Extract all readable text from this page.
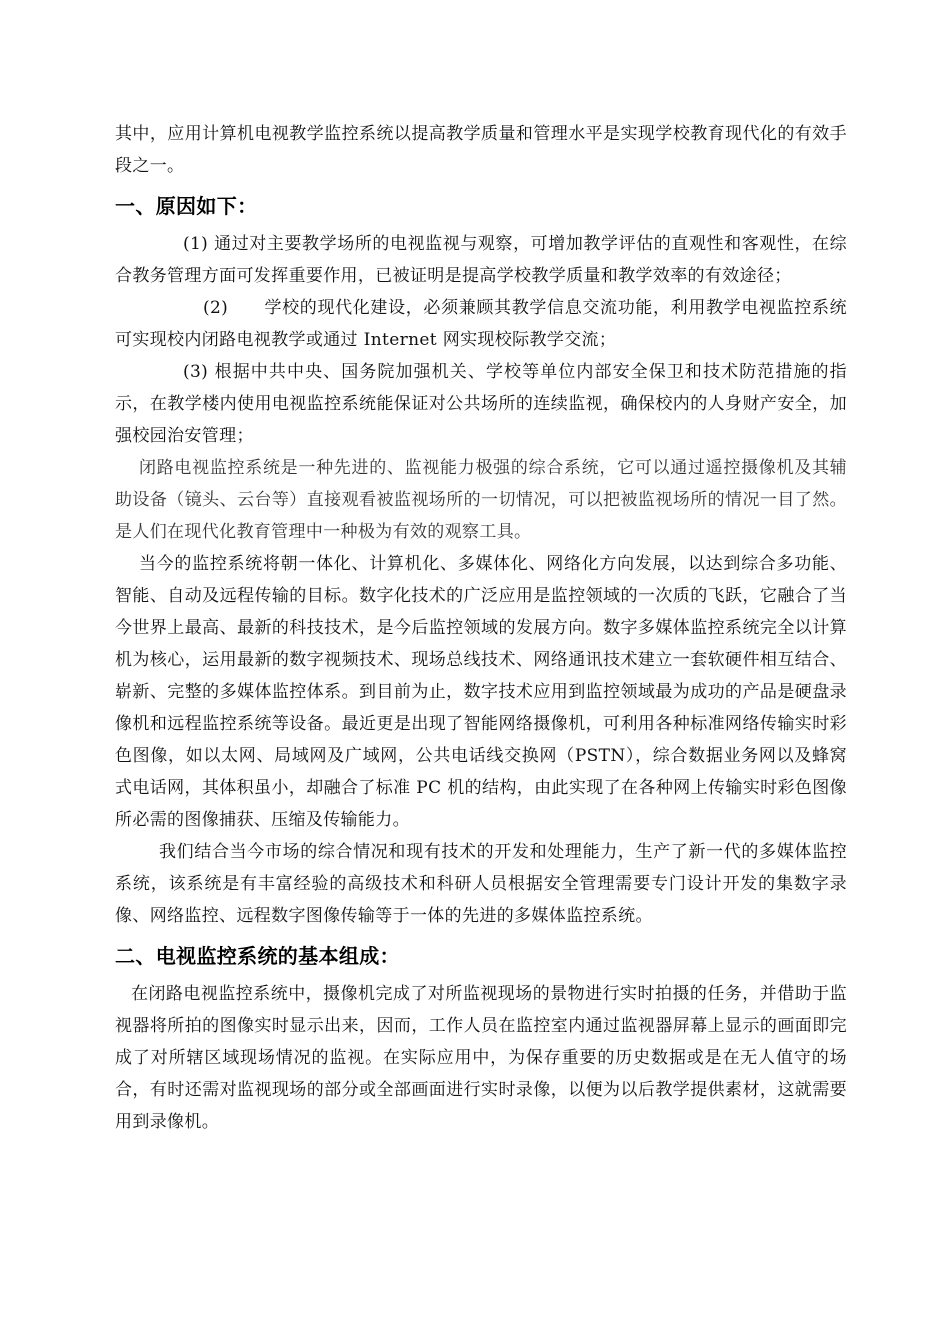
其中，应用计算机电视教学监控系统以提高教学质量和管理水平是实现学校教育现代化的有效手段之一。

一、原因如下：

(1) 通过对主要教学场所的电视监视与观察，可增加教学评估的直观性和客观性，在综合教务管理方面可发挥重要作用，已被证明是提高学校教学质量和教学效率的有效途径；

(2) 学校的现代化建设，必须兼顾其教学信息交流功能，利用教学电视监控系统可实现校内闭路电视教学或通过 Internet 网实现校际教学交流；

(3) 根据中共中央、国务院加强机关、学校等单位内部安全保卫和技术防范措施的指示，在教学楼内使用电视监控系统能保证对公共场所的连续监视，确保校内的人身财产安全，加强校园治安管理；

闭路电视监控系统是一种先进的、监视能力极强的综合系统，它可以通过遥控摄像机及其辅助设备（镜头、云台等）直接观看被监视场所的一切情况，可以把被监视场所的情况一目了然。是人们在现代化教育管理中一种极为有效的观察工具。

当今的监控系统将朝一体化、计算机化、多媒体化、网络化方向发展，以达到综合多功能、智能、自动及远程传输的目标。数字化技术的广泛应用是监控领域的一次质的飞跃，它融合了当今世界上最高、最新的科技技术，是今后监控领域的发展方向。数字多媒体监控系统完全以计算机为核心，运用最新的数字视频技术、现场总线技术、网络通讯技术建立一套软硬件相互结合、崭新、完整的多媒体监控体系。到目前为止，数字技术应用到监控领域最为成功的产品是硬盘录像机和远程监控系统等设备。最近更是出现了智能网络摄像机，可利用各种标准网络传输实时彩色图像，如以太网、局域网及广域网，公共电话线交换网（PSTN），综合数据业务网以及蜂窝式电话网，其体积虽小，却融合了标准 PC 机的结构，由此实现了在各种网上传输实时彩色图像所必需的图像捕获、压缩及传输能力。

我们结合当今市场的综合情况和现有技术的开发和处理能力，生产了新一代的多媒体监控系统，该系统是有丰富经验的高级技术和科研人员根据安全管理需要专门设计开发的集数字录像、网络监控、远程数字图像传输等于一体的先进的多媒体监控系统。

二、电视监控系统的基本组成：

在闭路电视监控系统中，摄像机完成了对所监视现场的景物进行实时拍摄的任务，并借助于监视器将所拍的图像实时显示出来，因而，工作人员在监控室内通过监视器屏幕上显示的画面即完成了对所辖区域现场情况的监视。在实际应用中，为保存重要的历史数据或是在无人值守的场合，有时还需对监视现场的部分或全部画面进行实时录像，以便为以后教学提供素材，这就需要用到录像机。
